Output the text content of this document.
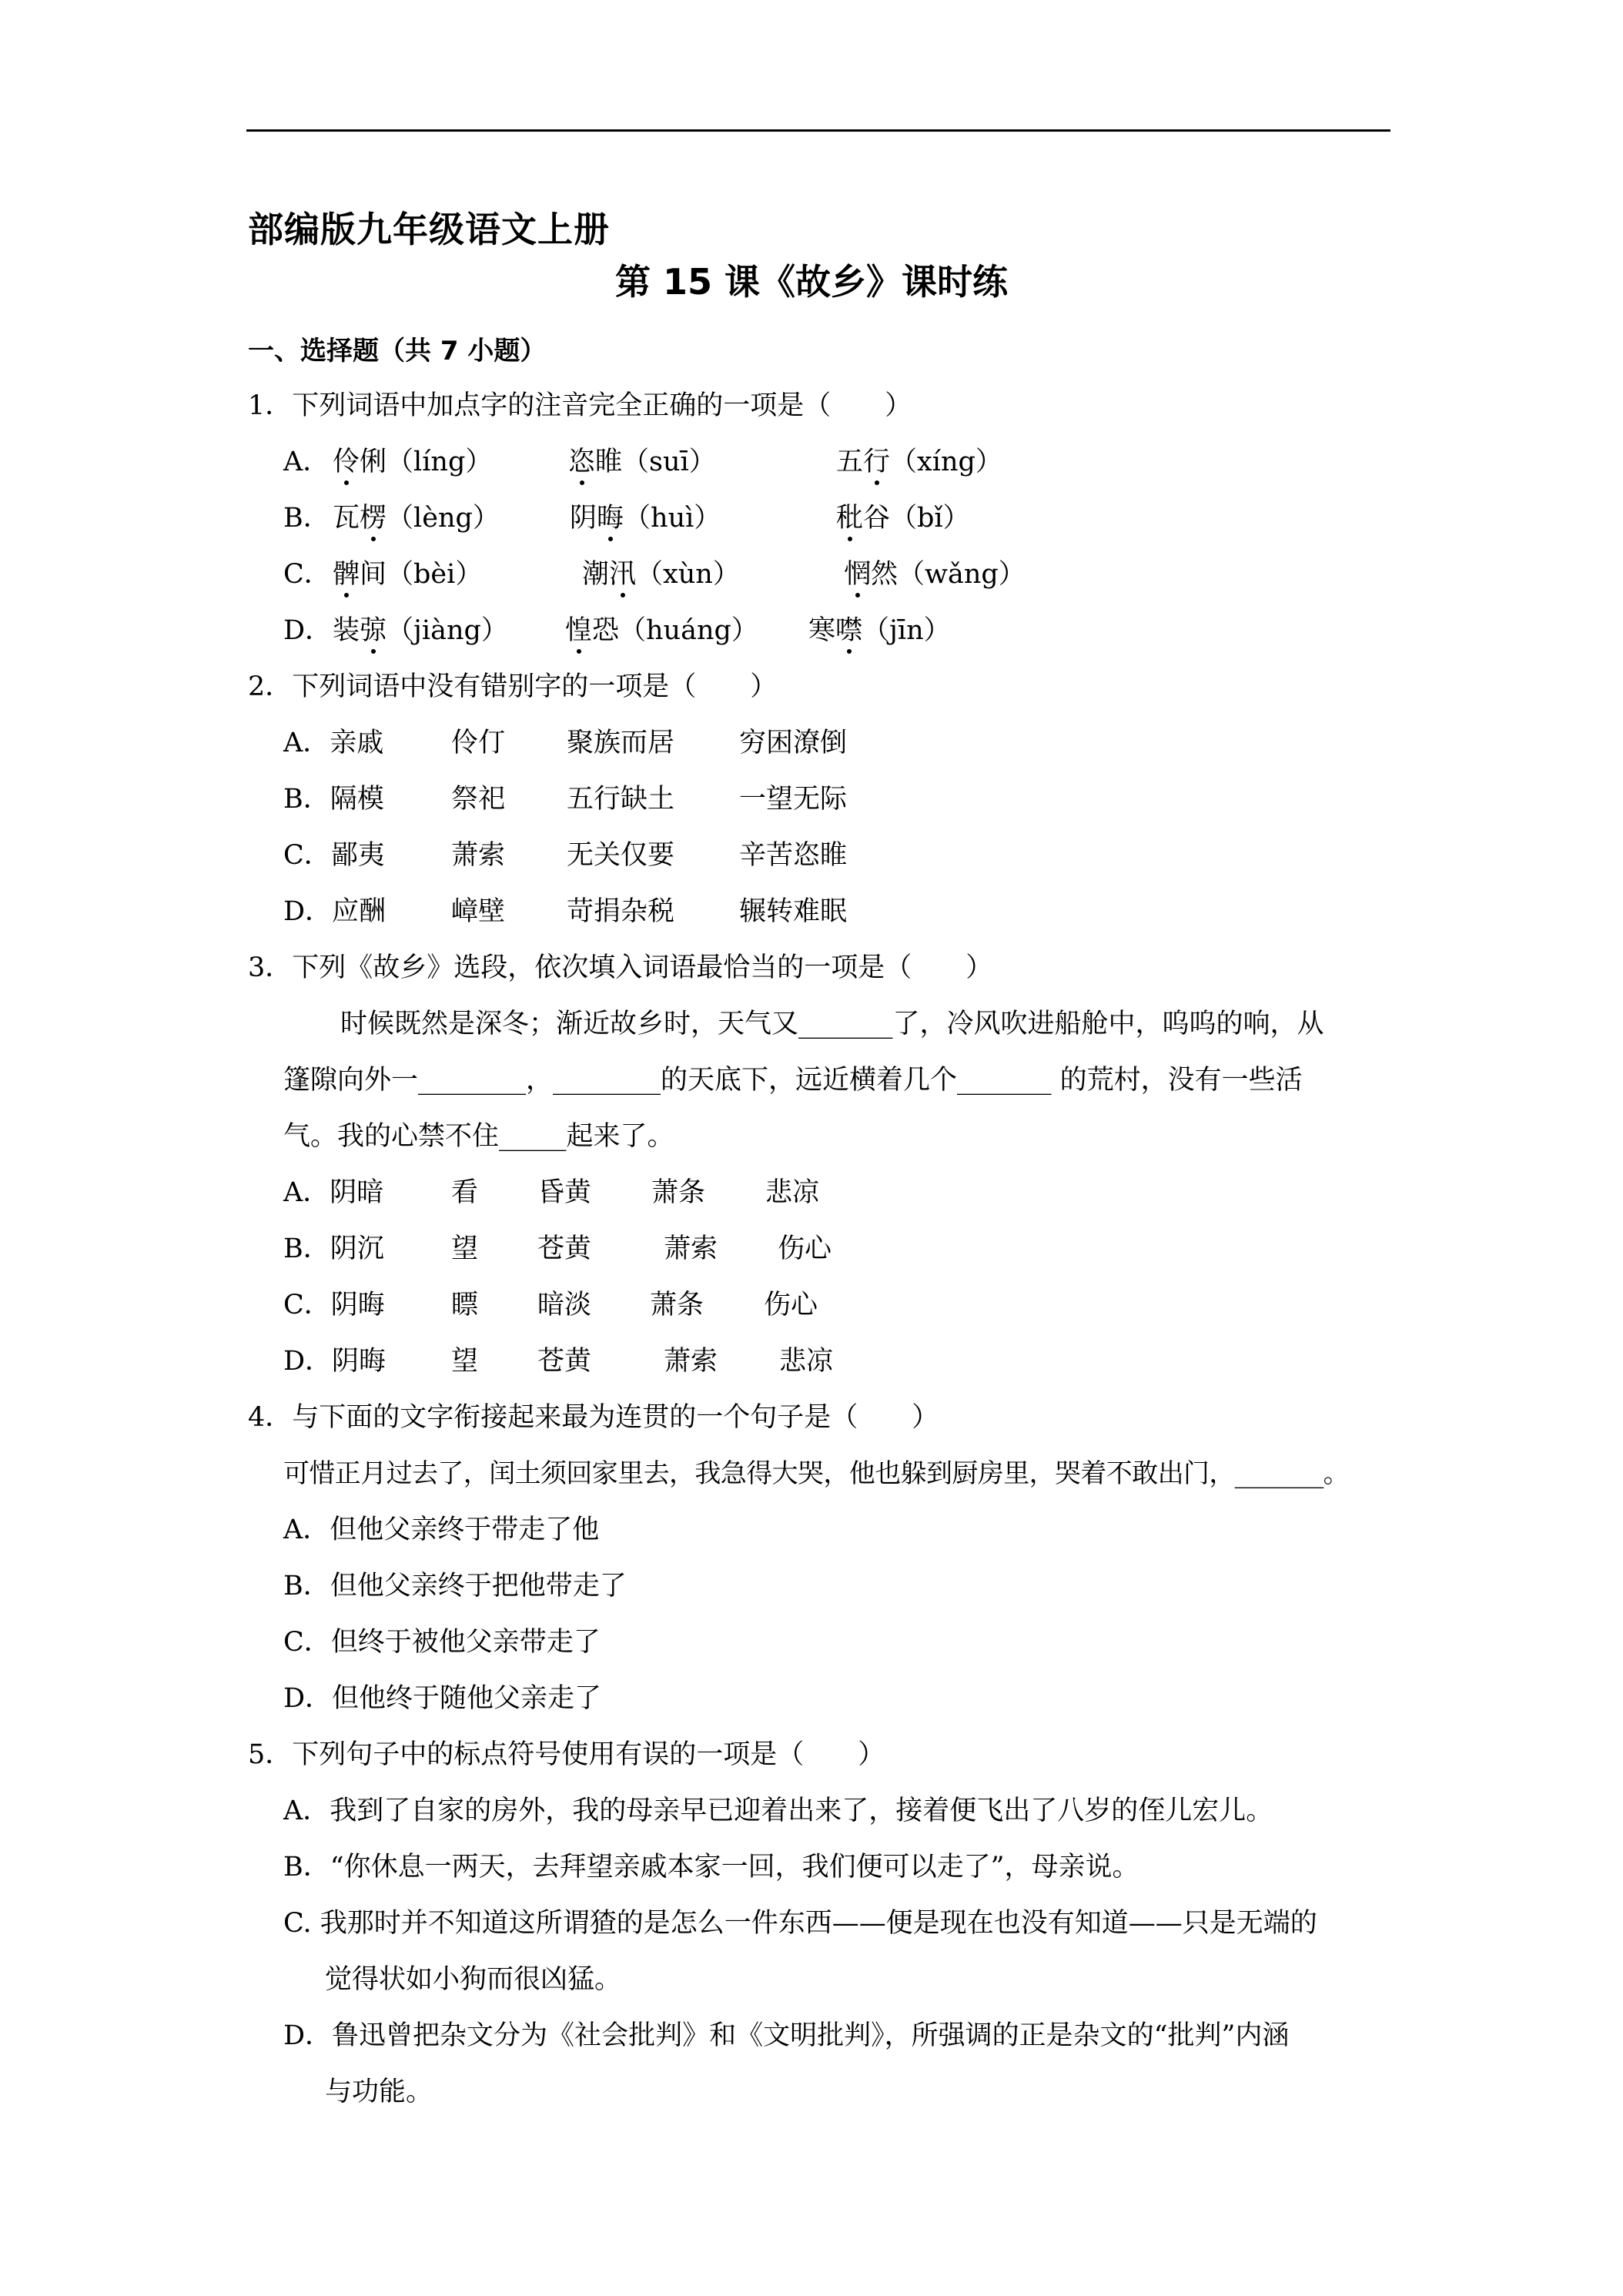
部编版九年级语文上册
第 15 课《故乡》课时练
一、选择题（共 7 小题）
1．下列词语中加点字的注音完全正确的一项是（　　）
A． 伶俐（líng）	恣睢（suī）	五行（xíng）
B． 瓦楞（lèng）	阴晦（huì）	秕谷（bǐ）
C． 髀间（bèi）	潮汛（xùn）	惘然（wǎng）
D． 装弶（jiàng） 惶恐（huáng） 寒噤（jīn）
2．下列词语中没有错别字的一项是（　　）
A．亲戚	伶仃 聚族而居 穷困潦倒
B．隔模 祭祀 五行缺土 一望无际
C．鄙夷 萧索 无关仅要 辛苦恣睢
D．应酬 嶂壁 苛捐杂税 辗转难眠
3．下列《故乡》选段，依次填入词语最恰当的一项是（　　）
时候既然是深冬；渐近故乡时，天气又_______了，冷风吹进船舱中，呜呜的响，从
篷隙向外一________，________的天底下，远近横着几个_______ 的荒村，没有一些活
气。我的心禁不住_____起来了。
A．阴暗	看 昏黄 萧条 悲凉
B．阴沉 望 苍黄	萧索 伤心
C．阴晦 瞟 暗淡 萧条 伤心
D．阴晦 望 苍黄	萧索 悲凉
4．与下面的文字衔接起来最为连贯的一个句子是（　　）
可惜正月过去了，闰土须回家里去，我急得大哭，他也躲到厨房里，哭着不敢出门，_______。
A．但他父亲终于带走了他
B．但他父亲终于把他带走了
C．但终于被他父亲带走了
D．但他终于随他父亲走了
5．下列句子中的标点符号使用有误的一项是（　　）
A．我到了自家的房外，我的母亲早已迎着出来了，接着便飞出了八岁的侄儿宏儿。
B．“你休息一两天，去拜望亲戚本家一回，我们便可以走了”，母亲说。
C. 我那时并不知道这所谓猹的是怎么一件东西——便是现在也没有知道——只是无端的
觉得状如小狗而很凶猛。
D．鲁迅曾把杂文分为《社会批判》和《文明批判》，所强调的正是杂文的“批判”内涵
与功能。
